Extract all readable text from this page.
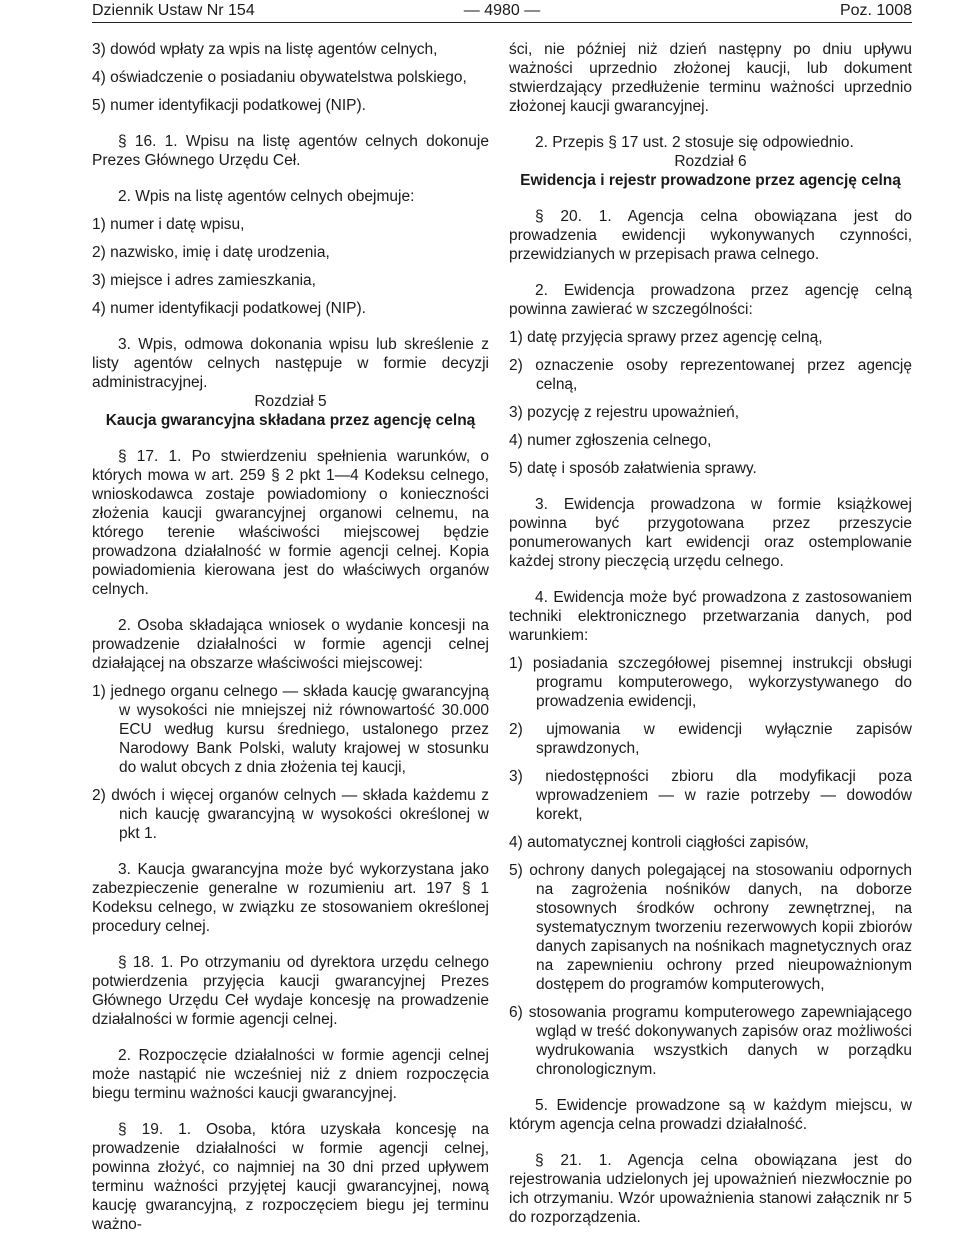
Dziennik Ustaw Nr 154	— 4980 —	Poz. 1008

3) dowód wpłaty za wpis na listę agentów celnych,

4) oświadczenie o posiadaniu obywatelstwa polskiego,

5) numer identyfikacji podatkowej (NIP).

§ 16. 1. Wpisu na listę agentów celnych dokonuje Prezes Głównego Urzędu Ceł.

2. Wpis na listę agentów celnych obejmuje:

1) numer i datę wpisu,

2) nazwisko, imię i datę urodzenia,

3) miejsce i adres zamieszkania,

4) numer identyfikacji podatkowej (NIP).

3. Wpis, odmowa dokonania wpisu lub skreślenie z listy agentów celnych następuje w formie decyzji administracyjnej.

Rozdział 5

Kaucja gwarancyjna składana przez agencję celną

§ 17. 1. Po stwierdzeniu spełnienia warunków, o których mowa w art. 259 § 2 pkt 1—4 Kodeksu celnego, wnioskodawca zostaje powiadomiony o konieczności złożenia kaucji gwarancyjnej organowi celnemu, na którego terenie właściwości miejscowej będzie prowadzona działalność w formie agencji celnej. Kopia powiadomienia kierowana jest do właściwych organów celnych.

2. Osoba składająca wniosek o wydanie koncesji na prowadzenie działalności w formie agencji celnej działającej na obszarze właściwości miejscowej:

1) jednego organu celnego — składa kaucję gwarancyjną w wysokości nie mniejszej niż równowartość 30.000 ECU według kursu średniego, ustalonego przez Narodowy Bank Polski, waluty krajowej w stosunku do walut obcych z dnia złożenia tej kaucji,

2) dwóch i więcej organów celnych — składa każdemu z nich kaucję gwarancyjną w wysokości określonej w pkt 1.

3. Kaucja gwarancyjna może być wykorzystana jako zabezpieczenie generalne w rozumieniu art. 197 § 1 Kodeksu celnego, w związku ze stosowaniem określonej procedury celnej.

§ 18. 1. Po otrzymaniu od dyrektora urzędu celnego potwierdzenia przyjęcia kaucji gwarancyjnej Prezes Głównego Urzędu Ceł wydaje koncesję na prowadzenie działalności w formie agencji celnej.

2. Rozpoczęcie działalności w formie agencji celnej może nastąpić nie wcześniej niż z dniem rozpoczęcia biegu terminu ważności kaucji gwarancyjnej.

§ 19. 1. Osoba, która uzyskała koncesję na prowadzenie działalności w formie agencji celnej, powinna złożyć, co najmniej na 30 dni przed upływem terminu ważności przyjętej kaucji gwarancyjnej, nową kaucję gwarancyjną, z rozpoczęciem biegu jej terminu ważno-

ści, nie później niż dzień następny po dniu upływu ważności uprzednio złożonej kaucji, lub dokument stwierdzający przedłużenie terminu ważności uprzednio złożonej kaucji gwarancyjnej.

2. Przepis § 17 ust. 2 stosuje się odpowiednio.

Rozdział 6

Ewidencja i rejestr prowadzone przez agencję celną

§ 20. 1. Agencja celna obowiązana jest do prowadzenia ewidencji wykonywanych czynności, przewidzianych w przepisach prawa celnego.

2. Ewidencja prowadzona przez agencję celną powinna zawierać w szczególności:

1) datę przyjęcia sprawy przez agencję celną,

2) oznaczenie osoby reprezentowanej przez agencję celną,

3) pozycję z rejestru upoważnień,

4) numer zgłoszenia celnego,

5) datę i sposób załatwienia sprawy.

3. Ewidencja prowadzona w formie książkowej powinna być przygotowana przez przeszycie ponumerowanych kart ewidencji oraz ostemplowanie każdej strony pieczęcią urzędu celnego.

4. Ewidencja może być prowadzona z zastosowaniem techniki elektronicznego przetwarzania danych, pod warunkiem:

1) posiadania szczegółowej pisemnej instrukcji obsługi programu komputerowego, wykorzystywanego do prowadzenia ewidencji,

2) ujmowania w ewidencji wyłącznie zapisów sprawdzonych,

3) niedostępności zbioru dla modyfikacji poza wprowadzeniem — w razie potrzeby — dowodów korekt,

4) automatycznej kontroli ciągłości zapisów,

5) ochrony danych polegającej na stosowaniu odpornych na zagrożenia nośników danych, na doborze stosownych środków ochrony zewnętrznej, na systematycznym tworzeniu rezerwowych kopii zbiorów danych zapisanych na nośnikach magnetycznych oraz na zapewnieniu ochrony przed nieupoważnionym dostępem do programów komputerowych,

6) stosowania programu komputerowego zapewniającego wgląd w treść dokonywanych zapisów oraz możliwości wydrukowania wszystkich danych w porządku chronologicznym.

5. Ewidencje prowadzone są w każdym miejscu, w którym agencja celna prowadzi działalność.

§ 21. 1. Agencja celna obowiązana jest do rejestrowania udzielonych jej upoważnień niezwłocznie po ich otrzymaniu. Wzór upoważnienia stanowi załącznik nr 5 do rozporządzenia.
